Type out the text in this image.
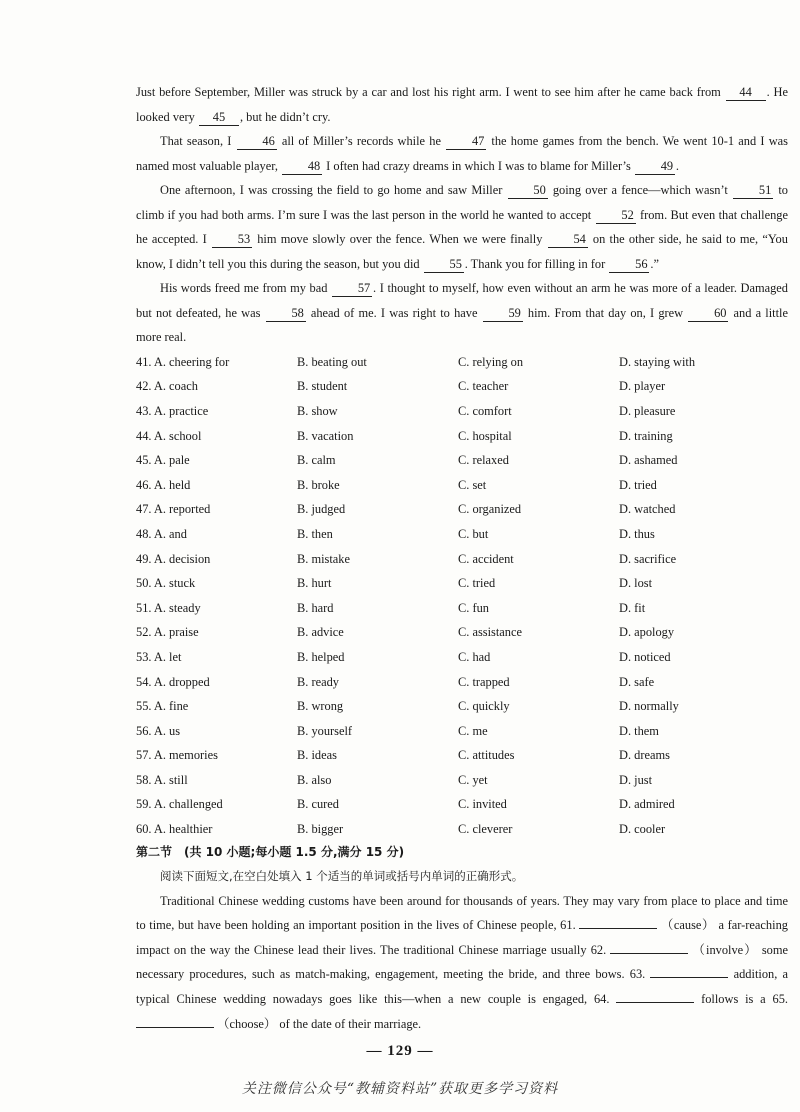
Just before September, Miller was struck by a car and lost his right arm. I went to see him after he came back from 44 . He looked very 45 , but he didn’t cry.

That season, I	46 all of Miller’s records while he	47 the home games from the bench. We went 10-1 and I was named most valuable player, 48 I often had crazy dreams in which I was to blame for Miller’s 49 .

One afternoon, I was crossing the field to go home and saw Miller	50 going over a fence—which wasn’t	51 to climb if you had both arms. I’m sure I was the last person in the world he wanted to accept 52 from. But even that challenge he accepted. I	53 him move slowly over the fence. When we were finally	54 on the other side, he said to me, “You know, I didn’t tell you this during the season, but you did 55 . Thank you for filling in for 56 .”

His words freed me from my bad 57 . I thought to myself, how even without an arm he was more of a leader. Damaged but not defeated, he was	58 ahead of me. I was right to have	59 him. From that day on, I grew	60 and a little more real.

41. A. cheering for	B. beating out	C. relying on	D. staying with
42. A. coach	B. student	C. teacher	D. player
43. A. practice	B. show	C. comfort	D. pleasure
44. A. school	B. vacation	C. hospital	D. training
45. A. pale	B. calm	C. relaxed	D. ashamed
46. A. held	B. broke	C. set	D. tried
47. A. reported	B. judged	C. organized	D. watched
48. A. and	B. then	C. but	D. thus
49. A. decision	B. mistake	C. accident	D. sacrifice
50. A. stuck	B. hurt	C. tried	D. lost
51. A. steady	B. hard	C. fun	D. fit
52. A. praise	B. advice	C. assistance	D. apology
53. A. let	B. helped	C. had	D. noticed
54. A. dropped	B. ready	C. trapped	D. safe
55. A. fine	B. wrong	C. quickly	D. normally
56. A. us	B. yourself	C. me	D. them
57. A. memories	B. ideas	C. attitudes	D. dreams
58. A. still	B. also	C. yet	D. just
59. A. challenged	B. cured	C. invited	D. admired
60. A. healthier	B. bigger	C. cleverer	D. cooler
第二节　(共 10 小题;每小题 1.5 分,满分 15 分)

阅读下面短文,在空白处填入 1 个适当的单词或括号内单词的正确形式。

Traditional Chinese wedding customs have been around for thousands of years. They may vary from place to place and time to time, but have been holding an important position in the lives of Chinese people, 61.	（cause） a far-reaching impact on the way the Chinese lead their lives. The traditional Chinese marriage usually 62.	（involve） some necessary procedures, such as match-making, engagement, meeting the bride, and three bows. 63.	addition, a typical Chinese wedding nowadays goes like this—when a new couple is engaged, 64.	follows is a 65.  （choose） of the date of their marriage.

— 129 —
关注微信公众号“教辅资料站”获取更多学习资料
